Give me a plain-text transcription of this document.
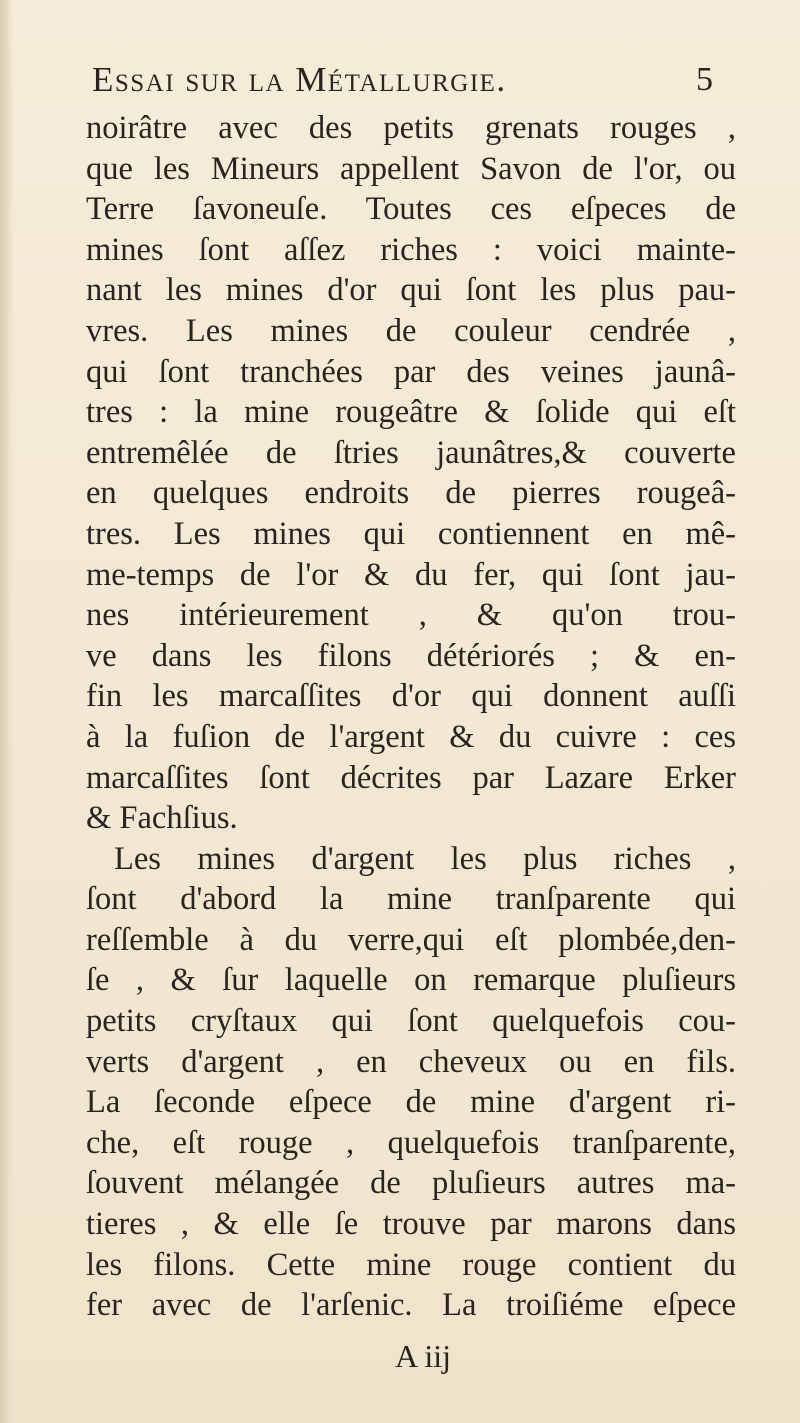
Essai sur la Métallurgie.	5
noirâtre avec des petits grenats rouges ,
que les Mineurs appellent Savon de l'or, ou
Terre ſavoneuſe. Toutes ces eſpeces de
mines ſont aſſez riches : voici mainte-
nant les mines d'or qui ſont les plus pau-
vres. Les mines de couleur cendrée ,
qui ſont tranchées par des veines jaunâ-
tres : la mine rougeâtre & ſolide qui eſt
entremêlée de ſtries jaunâtres,& couverte
en quelques endroits de pierres rougeâ-
tres. Les mines qui contiennent en mê-
me-temps de l'or & du fer, qui ſont jau-
nes intérieurement , & qu'on trou-
ve dans les filons détériorés ; & en-
fin les marcaſſites d'or qui donnent auſſi
à la fuſion de l'argent & du cuivre : ces
marcaſſites ſont décrites par Lazare Erker
& Fachſius.
Les mines d'argent les plus riches ,
ſont d'abord la mine tranſparente qui
reſſemble à du verre,qui eſt plombée,den-
ſe , & ſur laquelle on remarque pluſieurs
petits cryſtaux qui ſont quelquefois cou-
verts d'argent , en cheveux ou en fils.
La ſeconde eſpece de mine d'argent ri-
che, eſt rouge , quelquefois tranſparente,
ſouvent mélangée de pluſieurs autres ma-
tieres , & elle ſe trouve par marons dans
les filons. Cette mine rouge contient du
fer avec de l'arſenic. La troiſiéme eſpece
A iij
